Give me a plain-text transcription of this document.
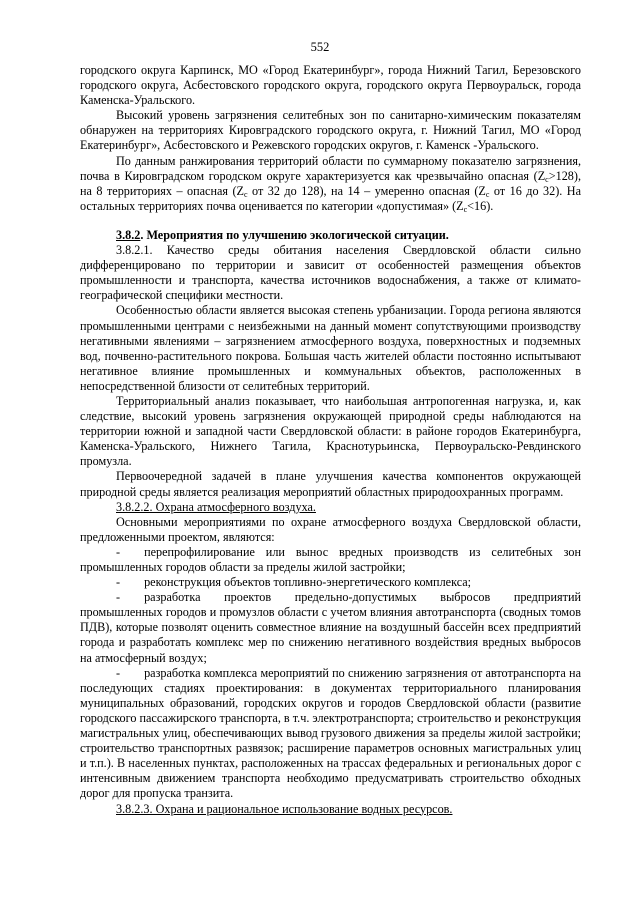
552

городского округа Карпинск, МО «Город Екатеринбург», города Нижний Тагил, Березовского городского округа, Асбестовского городского округа, городского округа Первоуральск, города Каменска-Уральского.

Высокий уровень загрязнения селитебных зон по санитарно-химическим показателям обнаружен на территориях Кировградского городского округа, г. Нижний Тагил, МО «Город Екатеринбург», Асбестовского и Режевского городских округов, г. Каменск -Уральского.

По данным ранжирования территорий области по суммарному показателю загрязнения, почва в Кировградском городском округе характеризуется как чрезвычайно опасная $(Z_c>128)$, на 8 территориях – опасная ($Z_c$ от 32 до 128), на 14 – умеренно опасная ($Z_c$ от 16 до 32). На остальных территориях почва оценивается по категории «допустимая» $(Z_c<16)$.

3.8.2. Мероприятия по улучшению экологической ситуации.

3.8.2.1. Качество среды обитания населения Свердловской области сильно дифференцировано по территории и зависит от особенностей размещения объектов промышленности и транспорта, качества источников водоснабжения, а также от климато-географической специфики местности.

Особенностью области является высокая степень урбанизации. Города региона являются промышленными центрами с неизбежными на данный момент сопутствующими производству негативными явлениями – загрязнением атмосферного воздуха, поверхностных и подземных вод, почвенно-растительного покрова. Большая часть жителей области постоянно испытывают негативное влияние промышленных и коммунальных объектов, расположенных в непосредственной близости от селитебных территорий.

Территориальный анализ показывает, что наибольшая антропогенная нагрузка, и, как следствие, высокий уровень загрязнения окружающей природной среды наблюдаются на территории южной и западной части Свердловской области: в районе городов Екатеринбурга, Каменска-Уральского, Нижнего Тагила, Краснотурьинска, Первоуральско-Ревдинского промузла.

Первоочередной задачей в плане улучшения качества компонентов окружающей природной среды является реализация мероприятий областных природоохранных программ.

3.8.2.2. Охрана атмосферного воздуха.

Основными мероприятиями по охране атмосферного воздуха Свердловской области, предложенными проектом, являются:

- перепрофилирование или вынос вредных производств из селитебных зон промышленных городов области за пределы жилой застройки;

- реконструкция объектов топливно-энергетического комплекса;

- разработка проектов предельно-допустимых выбросов предприятий промышленных городов и промузлов области с учетом влияния автотранспорта (сводных томов ПДВ), которые позволят оценить совместное влияние на воздушный бассейн всех предприятий города и разработать комплекс мер по снижению негативного воздействия вредных выбросов на атмосферный воздух;

- разработка комплекса мероприятий по снижению загрязнения от автотранспорта на последующих стадиях проектирования: в документах территориального планирования муниципальных образований, городских округов и городов Свердловской области (развитие городского пассажирского транспорта, в т.ч. электротранспорта; строительство и реконструкция магистральных улиц, обеспечивающих вывод грузового движения за пределы жилой застройки; строительство транспортных развязок; расширение параметров основных магистральных улиц и т.п.). В населенных пунктах, расположенных на трассах федеральных и региональных дорог с интенсивным движением транспорта необходимо предусматривать строительство обходных дорог для пропуска транзита.

3.8.2.3. Охрана и рациональное использование водных ресурсов.
